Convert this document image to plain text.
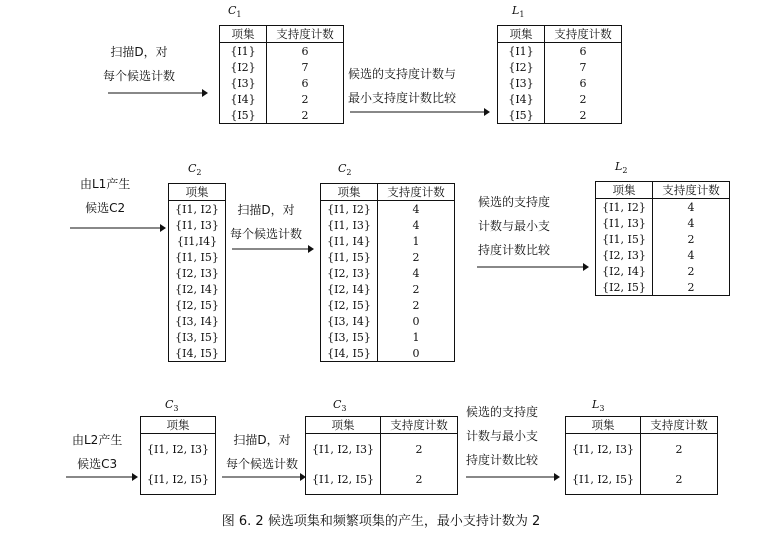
扫描D，对
每个候选计数
$C_1$
项集	支持度计数
{I1}	6
{I2}	7
{I3}	6
{I4}	2
{I5}	2
候选的支持度计数与
最小支持度计数比较
$L_1$
项集	支持度计数
{I1}	6
{I2}	7
{I3}	6
{I4}	2
{I5}	2
由L1产生
候选C2
$C_2$
项集
{I1, I2}
{I1, I3}
{I1,I4}
{I1, I5}
{I2, I3}
{I2, I4}
{I2, I5}
{I3, I4}
{I3, I5}
{I4, I5}
扫描D，对
每个候选计数
$C_2$
项集	支持度计数
{I1, I2}	4
{I1, I3}	4
{I1, I4}	1
{I1, I5}	2
{I2, I3}	4
{I2, I4}	2
{I2, I5}	2
{I3, I4}	0
{I3, I5}	1
{I4, I5}	0
候选的支持度
计数与最小支
持度计数比较
$L_2$
项集	支持度计数
{I1, I2}	4
{I1, I3}	4
{I1, I5}	2
{I2, I3}	4
{I2, I4}	2
{I2, I5}	2
由L2产生
候选C3
$C_3$
项集
{I1, I2, I3}
{I1, I2, I5}
扫描D，对
每个候选计数
$C_3$
项集	支持度计数
{I1, I2, I3}	2
{I1, I2, I5}	2
候选的支持度
计数与最小支
持度计数比较
$L_3$
项集	支持度计数
{I1, I2, I3}	2
{I1, I2, I5}	2
图 6. 2 候选项集和频繁项集的产生，最小支持计数为 2
